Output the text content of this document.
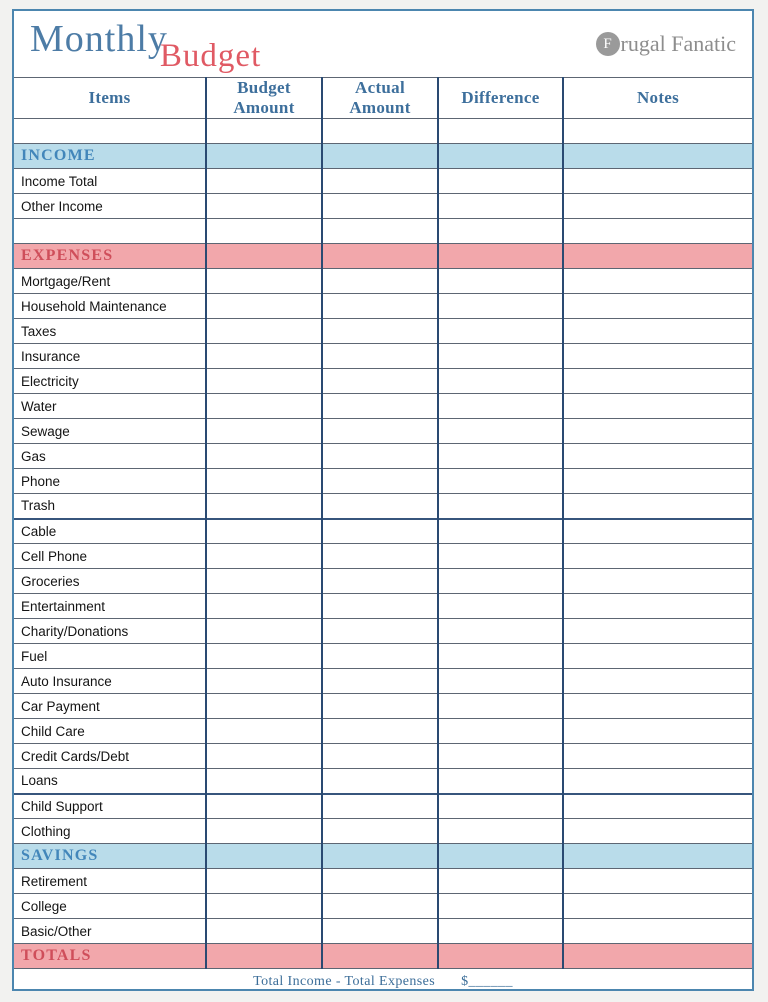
Monthly Budget	F rugal Fanatic
Items	Budget Amount	Actual Amount	Difference	Notes

INCOME				
Income Total				
Other Income				

EXPENSES				
Mortgage/Rent				
Household Maintenance				
Taxes				
Insurance				
Electricity				
Water				
Sewage				
Gas				
Phone				
Trash				
Cable				
Cell Phone				
Groceries				
Entertainment				
Charity/Donations				
Fuel				
Auto Insurance				
Car Payment				
Child Care				
Credit Cards/Debt				
Loans				
Child Support				
Clothing				
SAVINGS				
Retirement				
College				
Basic/Other				
TOTALS				
Total Income - Total Expenses $______
